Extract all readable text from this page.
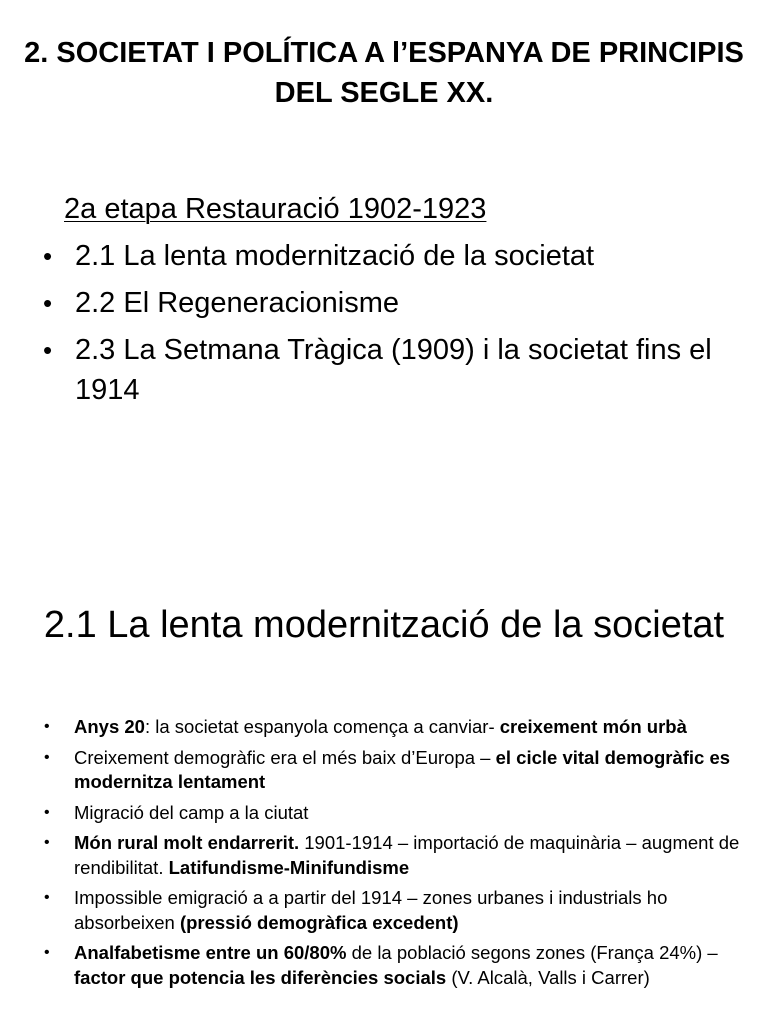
2. SOCIETAT I POLÍTICA A l’ESPANYA DE PRINCIPIS DEL SEGLE XX.
2a etapa Restauració 1902-1923
• 2.1 La lenta modernització de la societat
• 2.2 El Regeneracionisme
• 2.3 La Setmana Tràgica (1909) i la societat fins el 1914
2.1 La lenta modernització de la societat
• Anys 20: la societat espanyola comença a canviar- creixement món urbà
• Creixement demogràfic era el més baix d’Europa – el cicle vital demogràfic es modernitza lentament
• Migració del camp a la ciutat
• Món rural molt endarrerit. 1901-1914 – importació de maquinària – augment de rendibilitat. Latifundisme-Minifundisme
• Impossible emigració a a partir del 1914 – zones urbanes i industrials ho absorbeixen (pressió demogràfica excedent)
• Analfabetisme entre un 60/80% de la població segons zones (França 24%) – factor que potencia les diferències socials (V. Alcalà, Valls i Carrer)
